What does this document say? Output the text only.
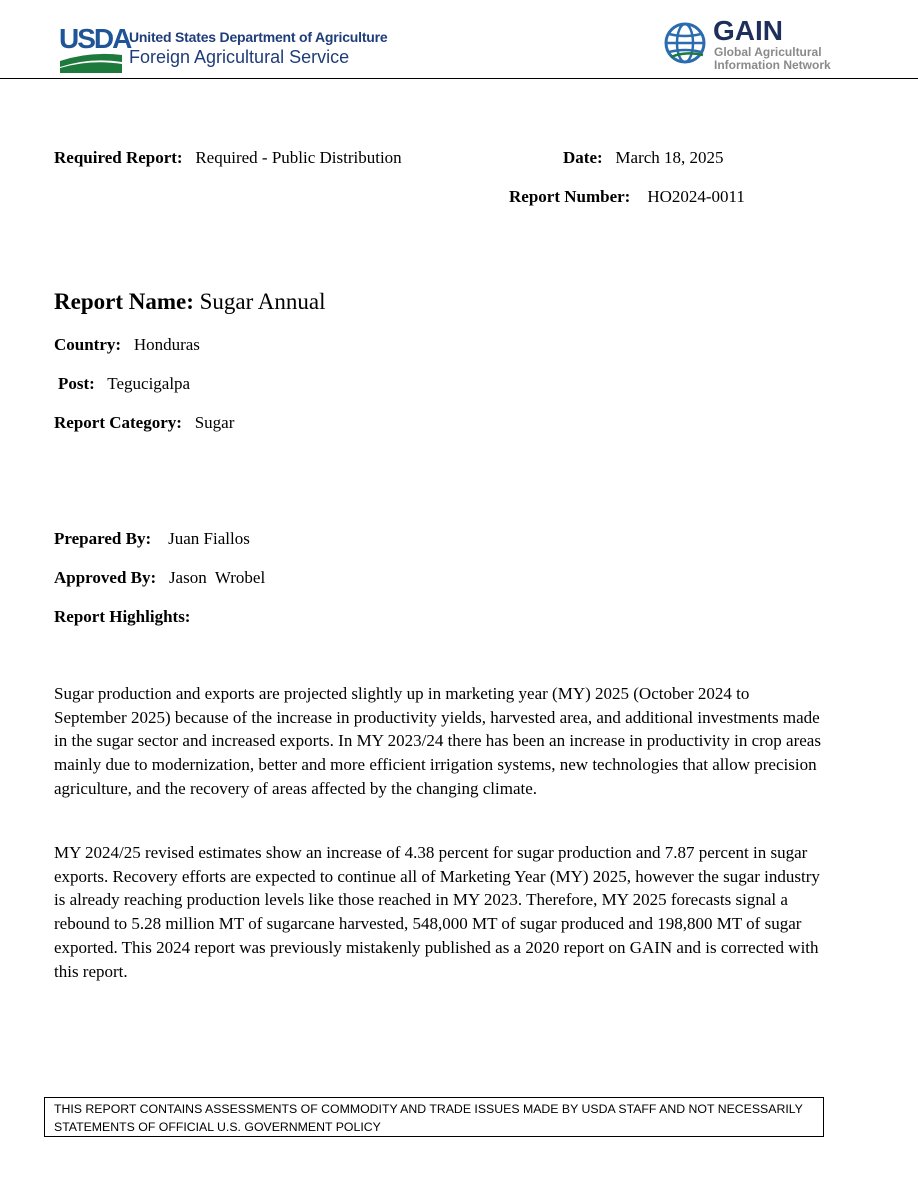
USDA
United States Department of Agriculture
Foreign Agricultural Service
GAIN
Global Agricultural
Information Network
Required Report: Required - Public Distribution	Date: March 18, 2025
Report Number: HO2024-0011
Report Name: Sugar Annual
Country: Honduras
Post: Tegucigalpa
Report Category: Sugar
Prepared By: Juan Fiallos
Approved By: Jason  Wrobel
Report Highlights:

Sugar production and exports are projected slightly up in marketing year (MY) 2025 (October 2024 to September 2025) because of the increase in productivity yields, harvested area, and additional investments made in the sugar sector and increased exports. In MY 2023/24 there has been an increase in productivity in crop areas mainly due to modernization, better and more efficient irrigation systems, new technologies that allow precision agriculture, and the recovery of areas affected by the changing climate.

MY 2024/25 revised estimates show an increase of 4.38 percent for sugar production and 7.87 percent in sugar exports. Recovery efforts are expected to continue all of Marketing Year (MY) 2025, however the sugar industry is already reaching production levels like those reached in MY 2023. Therefore, MY 2025 forecasts signal a rebound to 5.28 million MT of sugarcane harvested, 548,000 MT of sugar produced and 198,800 MT of sugar exported. This 2024 report was previously mistakenly published as a 2020 report on GAIN and is corrected with this report.

THIS REPORT CONTAINS ASSESSMENTS OF COMMODITY AND TRADE ISSUES MADE BY USDA STAFF AND NOT NECESSARILY STATEMENTS OF OFFICIAL U.S. GOVERNMENT POLICY
